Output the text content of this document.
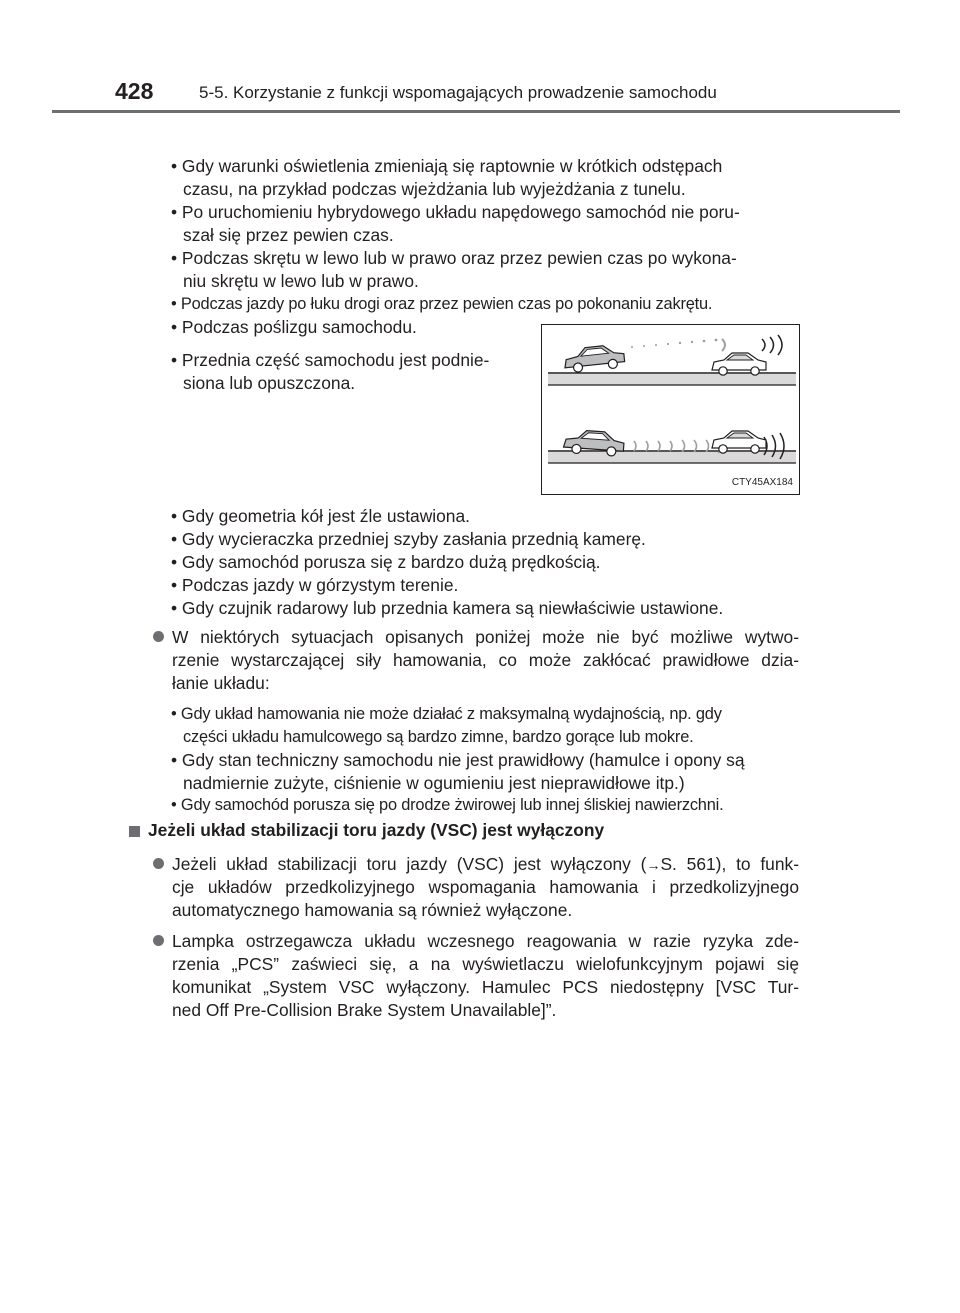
428	5-5. Korzystanie z funkcji wspomagających prowadzenie samochodu
• Gdy warunki oświetlenia zmieniają się raptownie w krótkich odstępach
czasu, na przykład podczas wjeżdżania lub wyjeżdżania z tunelu.
• Po uruchomieniu hybrydowego układu napędowego samochód nie poru-
szał się przez pewien czas.
• Podczas skrętu w lewo lub w prawo oraz przez pewien czas po wykona-
niu skrętu w lewo lub w prawo.
• Podczas jazdy po łuku drogi oraz przez pewien czas po pokonaniu zakrętu.
• Podczas poślizgu samochodu.
• Przednia część samochodu jest podnie-
siona lub opuszczona.
CTY45AX184
• Gdy geometria kół jest źle ustawiona.
• Gdy wycieraczka przedniej szyby zasłania przednią kamerę.
• Gdy samochód porusza się z bardzo dużą prędkością.
• Podczas jazdy w górzystym terenie.
• Gdy czujnik radarowy lub przednia kamera są niewłaściwie ustawione.
W niektórych sytuacjach opisanych poniżej może nie być możliwe wytwo-
rzenie wystarczającej siły hamowania, co może zakłócać prawidłowe dzia-
łanie układu:
• Gdy układ hamowania nie może działać z maksymalną wydajnością, np. gdy
części układu hamulcowego są bardzo zimne, bardzo gorące lub mokre.
• Gdy stan techniczny samochodu nie jest prawidłowy (hamulce i opony są
nadmiernie zużyte, ciśnienie w ogumieniu jest nieprawidłowe itp.)
• Gdy samochód porusza się po drodze żwirowej lub innej śliskiej nawierzchni.
Jeżeli układ stabilizacji toru jazdy (VSC) jest wyłączony
Jeżeli układ stabilizacji toru jazdy (VSC) jest wyłączony (→S. 561), to funk-
cje układów przedkolizyjnego wspomagania hamowania i przedkolizyjnego
automatycznego hamowania są również wyłączone.
Lampka ostrzegawcza układu wczesnego reagowania w razie ryzyka zde-
rzenia „PCS” zaświeci się, a na wyświetlaczu wielofunkcyjnym pojawi się
komunikat „System VSC wyłączony. Hamulec PCS niedostępny [VSC Tur-
ned Off Pre-Collision Brake System Unavailable]”.
